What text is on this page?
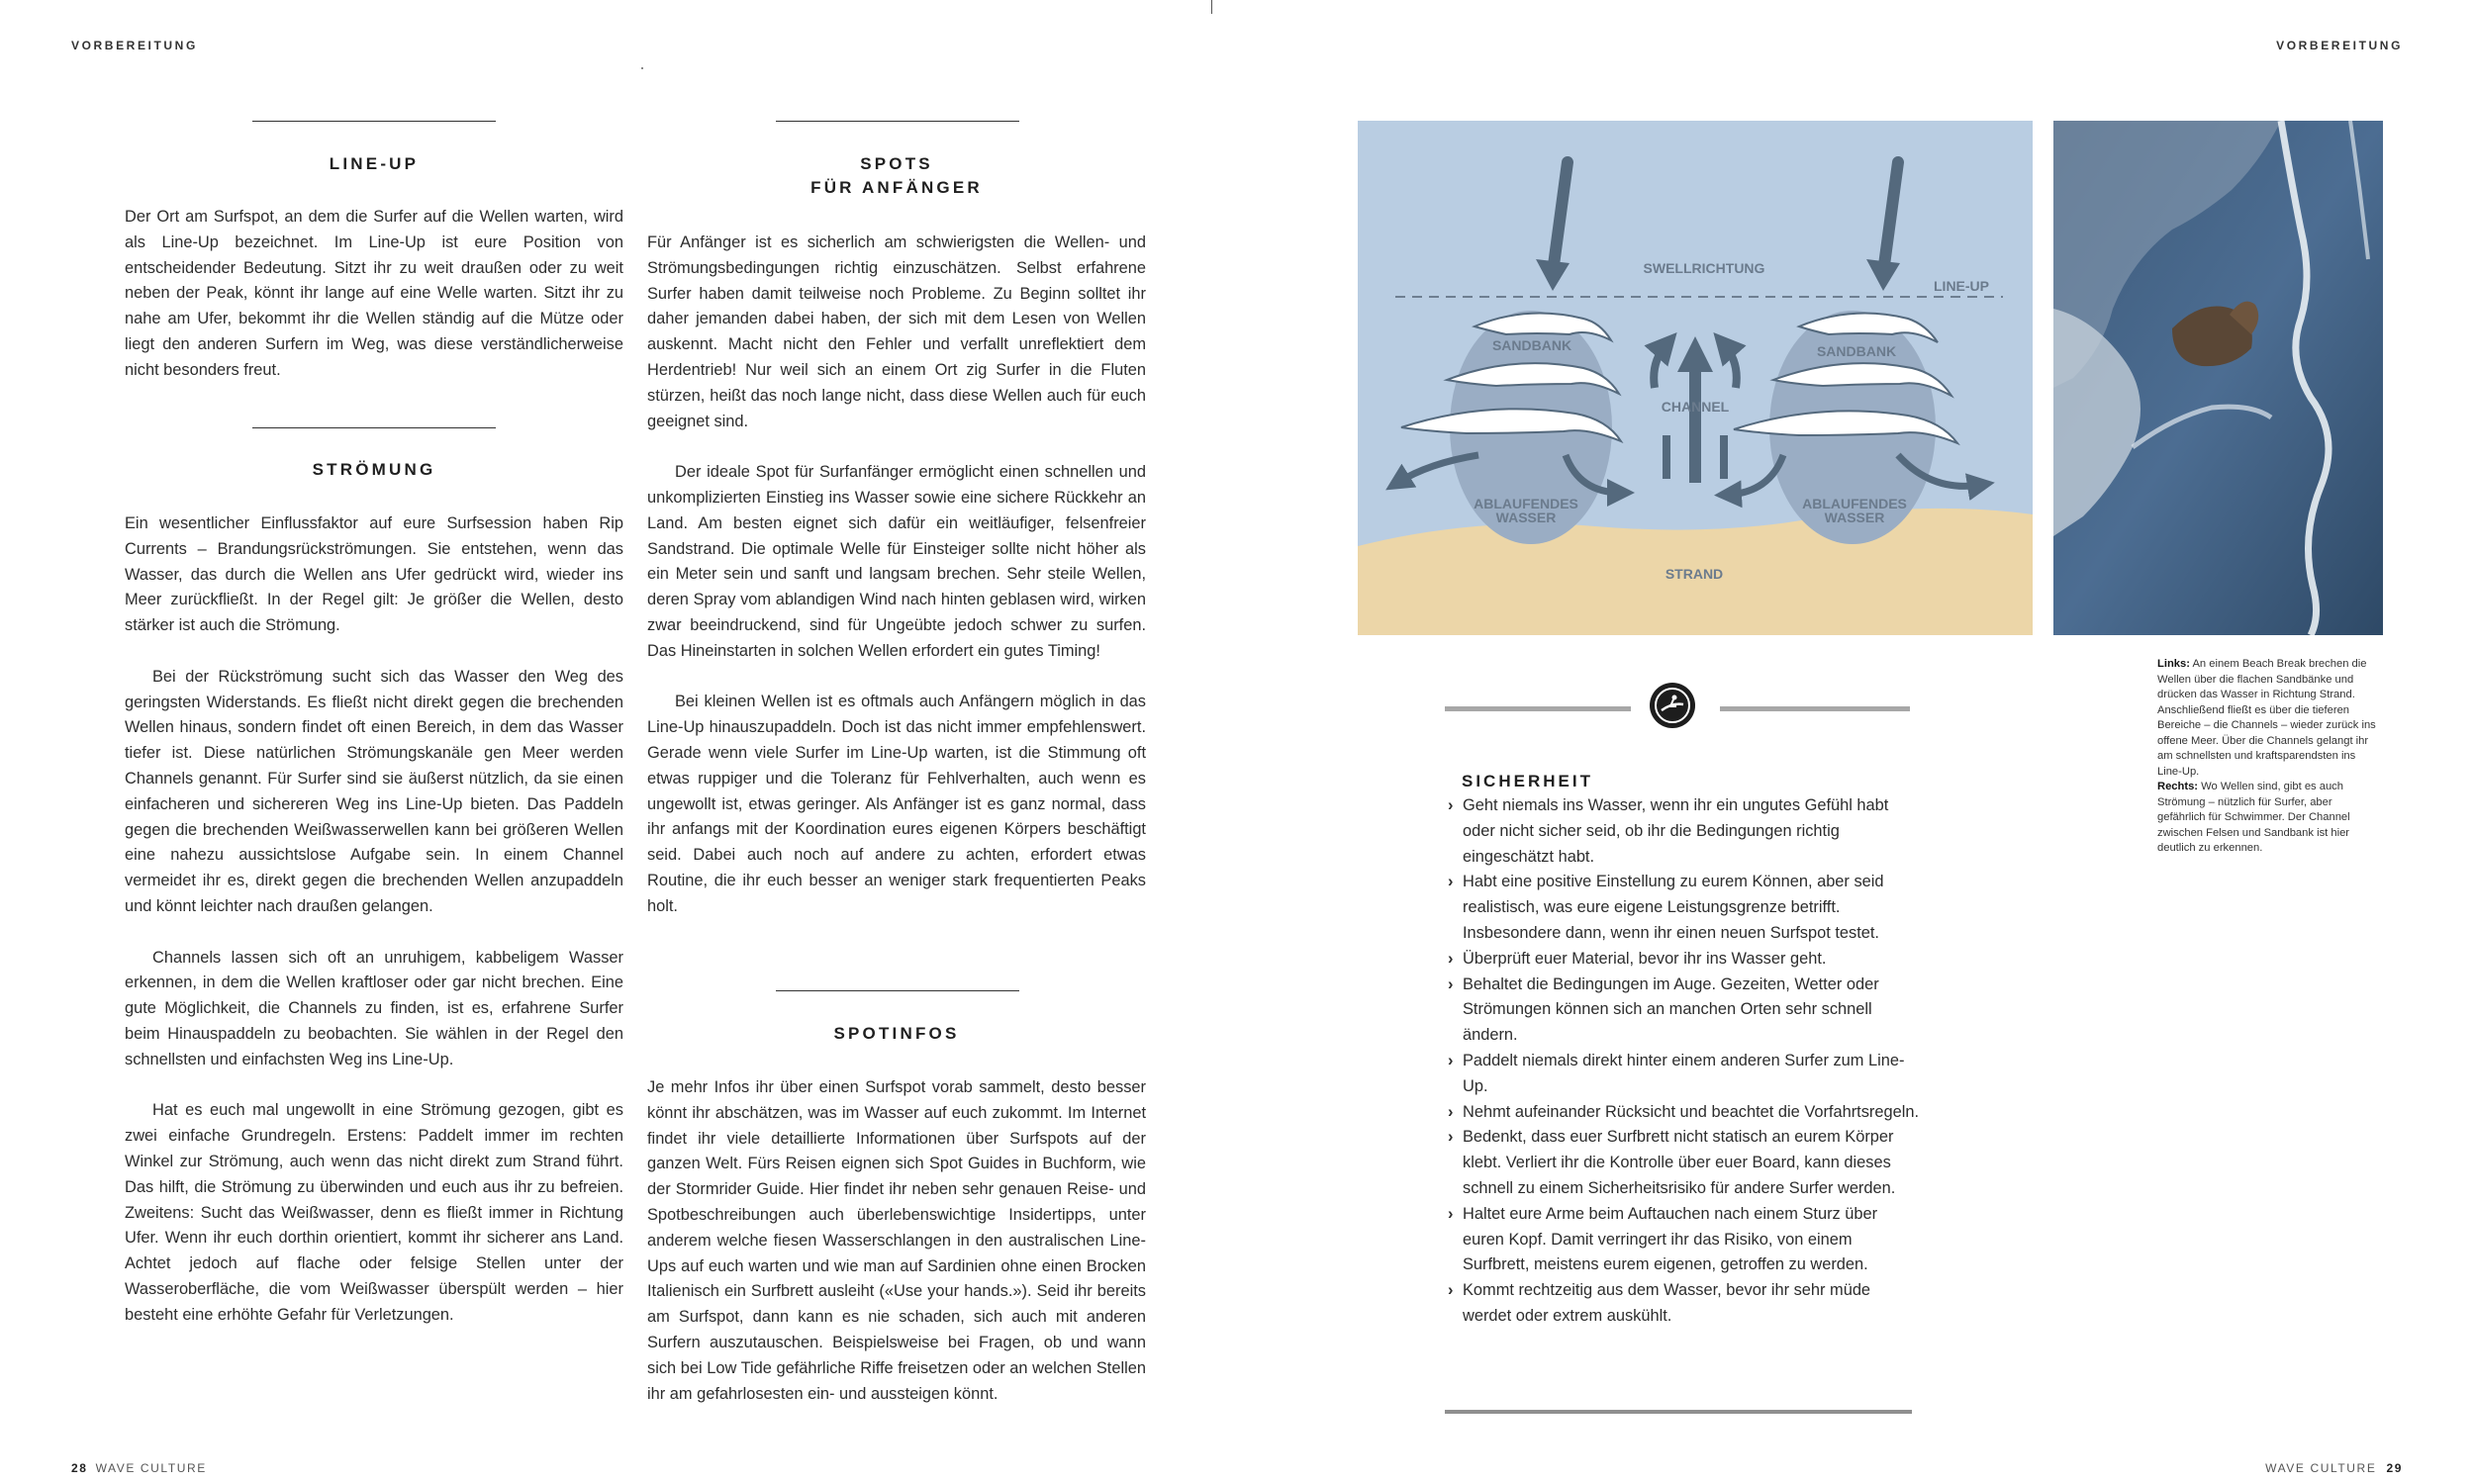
VORBEREITUNG	VORBEREITUNG
28 WAVE CULTURE	WAVE CULTURE 29
LINE-UP

Der Ort am Surfspot, an dem die Surfer auf die Wellen warten, wird als Line-Up bezeichnet. Im Line-Up ist eure Position von entscheidender Bedeutung. Sitzt ihr zu weit draußen oder zu weit neben der Peak, könnt ihr lange auf eine Welle warten. Sitzt ihr zu nahe am Ufer, bekommt ihr die Wellen ständig auf die Mütze oder liegt den anderen Surfern im Weg, was diese verständlicherweise nicht besonders freut.

STRÖMUNG

Ein wesentlicher Einflussfaktor auf eure Surfsession haben Rip Currents – Brandungsrückströmungen. Sie entstehen, wenn das Wasser, das durch die Wellen ans Ufer gedrückt wird, wieder ins Meer zurückfließt. In der Regel gilt: Je größer die Wellen, desto stärker ist auch die Strömung.

Bei der Rückströmung sucht sich das Wasser den Weg des geringsten Widerstands. Es fließt nicht direkt gegen die brechenden Wellen hinaus, sondern findet oft einen Bereich, in dem das Wasser tiefer ist. Diese natürlichen Strömungskanäle gen Meer werden Channels genannt. Für Surfer sind sie äußerst nützlich, da sie einen einfacheren und sichereren Weg ins Line-Up bieten. Das Paddeln gegen die brechenden Weißwasserwellen kann bei größeren Wellen eine nahezu aussichtslose Aufgabe sein. In einem Channel vermeidet ihr es, direkt gegen die brechenden Wellen anzupaddeln und könnt leichter nach draußen gelangen.

Channels lassen sich oft an unruhigem, kabbeligem Wasser erkennen, in dem die Wellen kraftloser oder gar nicht brechen. Eine gute Möglichkeit, die Channels zu finden, ist es, erfahrene Surfer beim Hinauspaddeln zu beobachten. Sie wählen in der Regel den schnellsten und einfachsten Weg ins Line-Up.

Hat es euch mal ungewollt in eine Strömung gezogen, gibt es zwei einfache Grundregeln. Erstens: Paddelt immer im rechten Winkel zur Strömung, auch wenn das nicht direkt zum Strand führt. Das hilft, die Strömung zu überwinden und euch aus ihr zu befreien. Zweitens: Sucht das Weißwasser, denn es fließt immer in Richtung Ufer. Wenn ihr euch dorthin orientiert, kommt ihr sicherer ans Land. Achtet jedoch auf flache oder felsige Stellen unter der Wasseroberfläche, die vom Weißwasser überspült werden – hier besteht eine erhöhte Gefahr für Verletzungen.

SPOTS
FÜR ANFÄNGER

Für Anfänger ist es sicherlich am schwierigsten die Wellen- und Strömungsbedingungen richtig einzuschätzen. Selbst erfahrene Surfer haben damit teilweise noch Probleme. Zu Beginn solltet ihr daher jemanden dabei haben, der sich mit dem Lesen von Wellen auskennt. Macht nicht den Fehler und verfallt unreflektiert dem Herdentrieb! Nur weil sich an einem Ort zig Surfer in die Fluten stürzen, heißt das noch lange nicht, dass diese Wellen auch für euch geeignet sind.

Der ideale Spot für Surfanfänger ermöglicht einen schnellen und unkomplizierten Einstieg ins Wasser sowie eine sichere Rückkehr an Land. Am besten eignet sich dafür ein weitläufiger, felsenfreier Sandstrand. Die optimale Welle für Einsteiger sollte nicht höher als ein Meter sein und sanft und langsam brechen. Sehr steile Wellen, deren Spray vom ablandigen Wind nach hinten geblasen wird, wirken zwar beeindruckend, sind für Ungeübte jedoch schwer zu surfen. Das Hineinstarten in solchen Wellen erfordert ein gutes Timing!

Bei kleinen Wellen ist es oftmals auch Anfängern möglich in das Line-Up hinauszupaddeln. Doch ist das nicht immer empfehlenswert. Gerade wenn viele Surfer im Line-Up warten, ist die Stimmung oft etwas ruppiger und die Toleranz für Fehlverhalten, auch wenn es ungewollt ist, etwas geringer. Als Anfänger ist es ganz normal, dass ihr anfangs mit der Koordination eures eigenen Körpers beschäftigt seid. Dabei auch noch auf andere zu achten, erfordert etwas Routine, die ihr euch besser an weniger stark frequentierten Peaks holt.

SPOTINFOS

Je mehr Infos ihr über einen Surfspot vorab sammelt, desto besser könnt ihr abschätzen, was im Wasser auf euch zukommt. Im Internet findet ihr viele detaillierte Informationen über Surfspots auf der ganzen Welt. Fürs Reisen eignen sich Spot Guides in Buchform, wie der Stormrider Guide. Hier findet ihr neben sehr genauen Reise- und Spotbeschreibungen auch überlebenswichtige Insidertipps, unter anderem welche fiesen Wasserschlangen in den australischen Line-Ups auf euch warten und wie man auf Sardinien ohne einen Brocken Italienisch ein Surfbrett ausleiht («Use your hands.»). Seid ihr bereits am Surfspot, dann kann es nie schaden, sich auch mit anderen Surfern auszutauschen. Beispielsweise bei Fragen, ob und wann sich bei Low Tide gefährliche Riffe freisetzen oder an welchen Stellen ihr am gefahrlosesten ein- und aussteigen könnt.

SWELLRICHTUNG
LINE-UP
SANDBANK	SANDBANK
CHANNEL
ABLAUFENDES
WASSER
ABLAUFENDES
WASSER
STRAND
SICHERHEIT
› Geht niemals ins Wasser, wenn ihr ein ungutes Gefühl habt oder nicht sicher seid, ob ihr die Bedingungen richtig eingeschätzt habt.
› Habt eine positive Einstellung zu eurem Können, aber seid realistisch, was eure eigene Leistungsgrenze betrifft. Insbesondere dann, wenn ihr einen neuen Surfspot testet.
› Überprüft euer Material, bevor ihr ins Wasser geht.
› Behaltet die Bedingungen im Auge. Gezeiten, Wetter oder Strömungen können sich an manchen Orten sehr schnell ändern.
› Paddelt niemals direkt hinter einem anderen Surfer zum Line-Up.
› Nehmt aufeinander Rücksicht und beachtet die Vorfahrtsregeln.
› Bedenkt, dass euer Surfbrett nicht statisch an eurem Körper klebt. Verliert ihr die Kontrolle über euer Board, kann dieses schnell zu einem Sicherheitsrisiko für andere Surfer werden.
› Haltet eure Arme beim Auftauchen nach einem Sturz über euren Kopf. Damit verringert ihr das Risiko, von einem Surfbrett, meistens eurem eigenen, getroffen zu werden.
› Kommt rechtzeitig aus dem Wasser, bevor ihr sehr müde werdet oder extrem auskühlt.
Links: An einem Beach Break brechen die Wellen über die flachen Sandbänke und drücken das Wasser in Richtung Strand. Anschließend fließt es über die tieferen Bereiche – die Channels – wieder zurück ins offene Meer. Über die Channels gelangt ihr am schnellsten und kraftsparendsten ins Line-Up.
Rechts: Wo Wellen sind, gibt es auch Strömung – nützlich für Surfer, aber gefährlich für Schwimmer. Der Channel zwischen Felsen und Sandbank ist hier deutlich zu erkennen.
